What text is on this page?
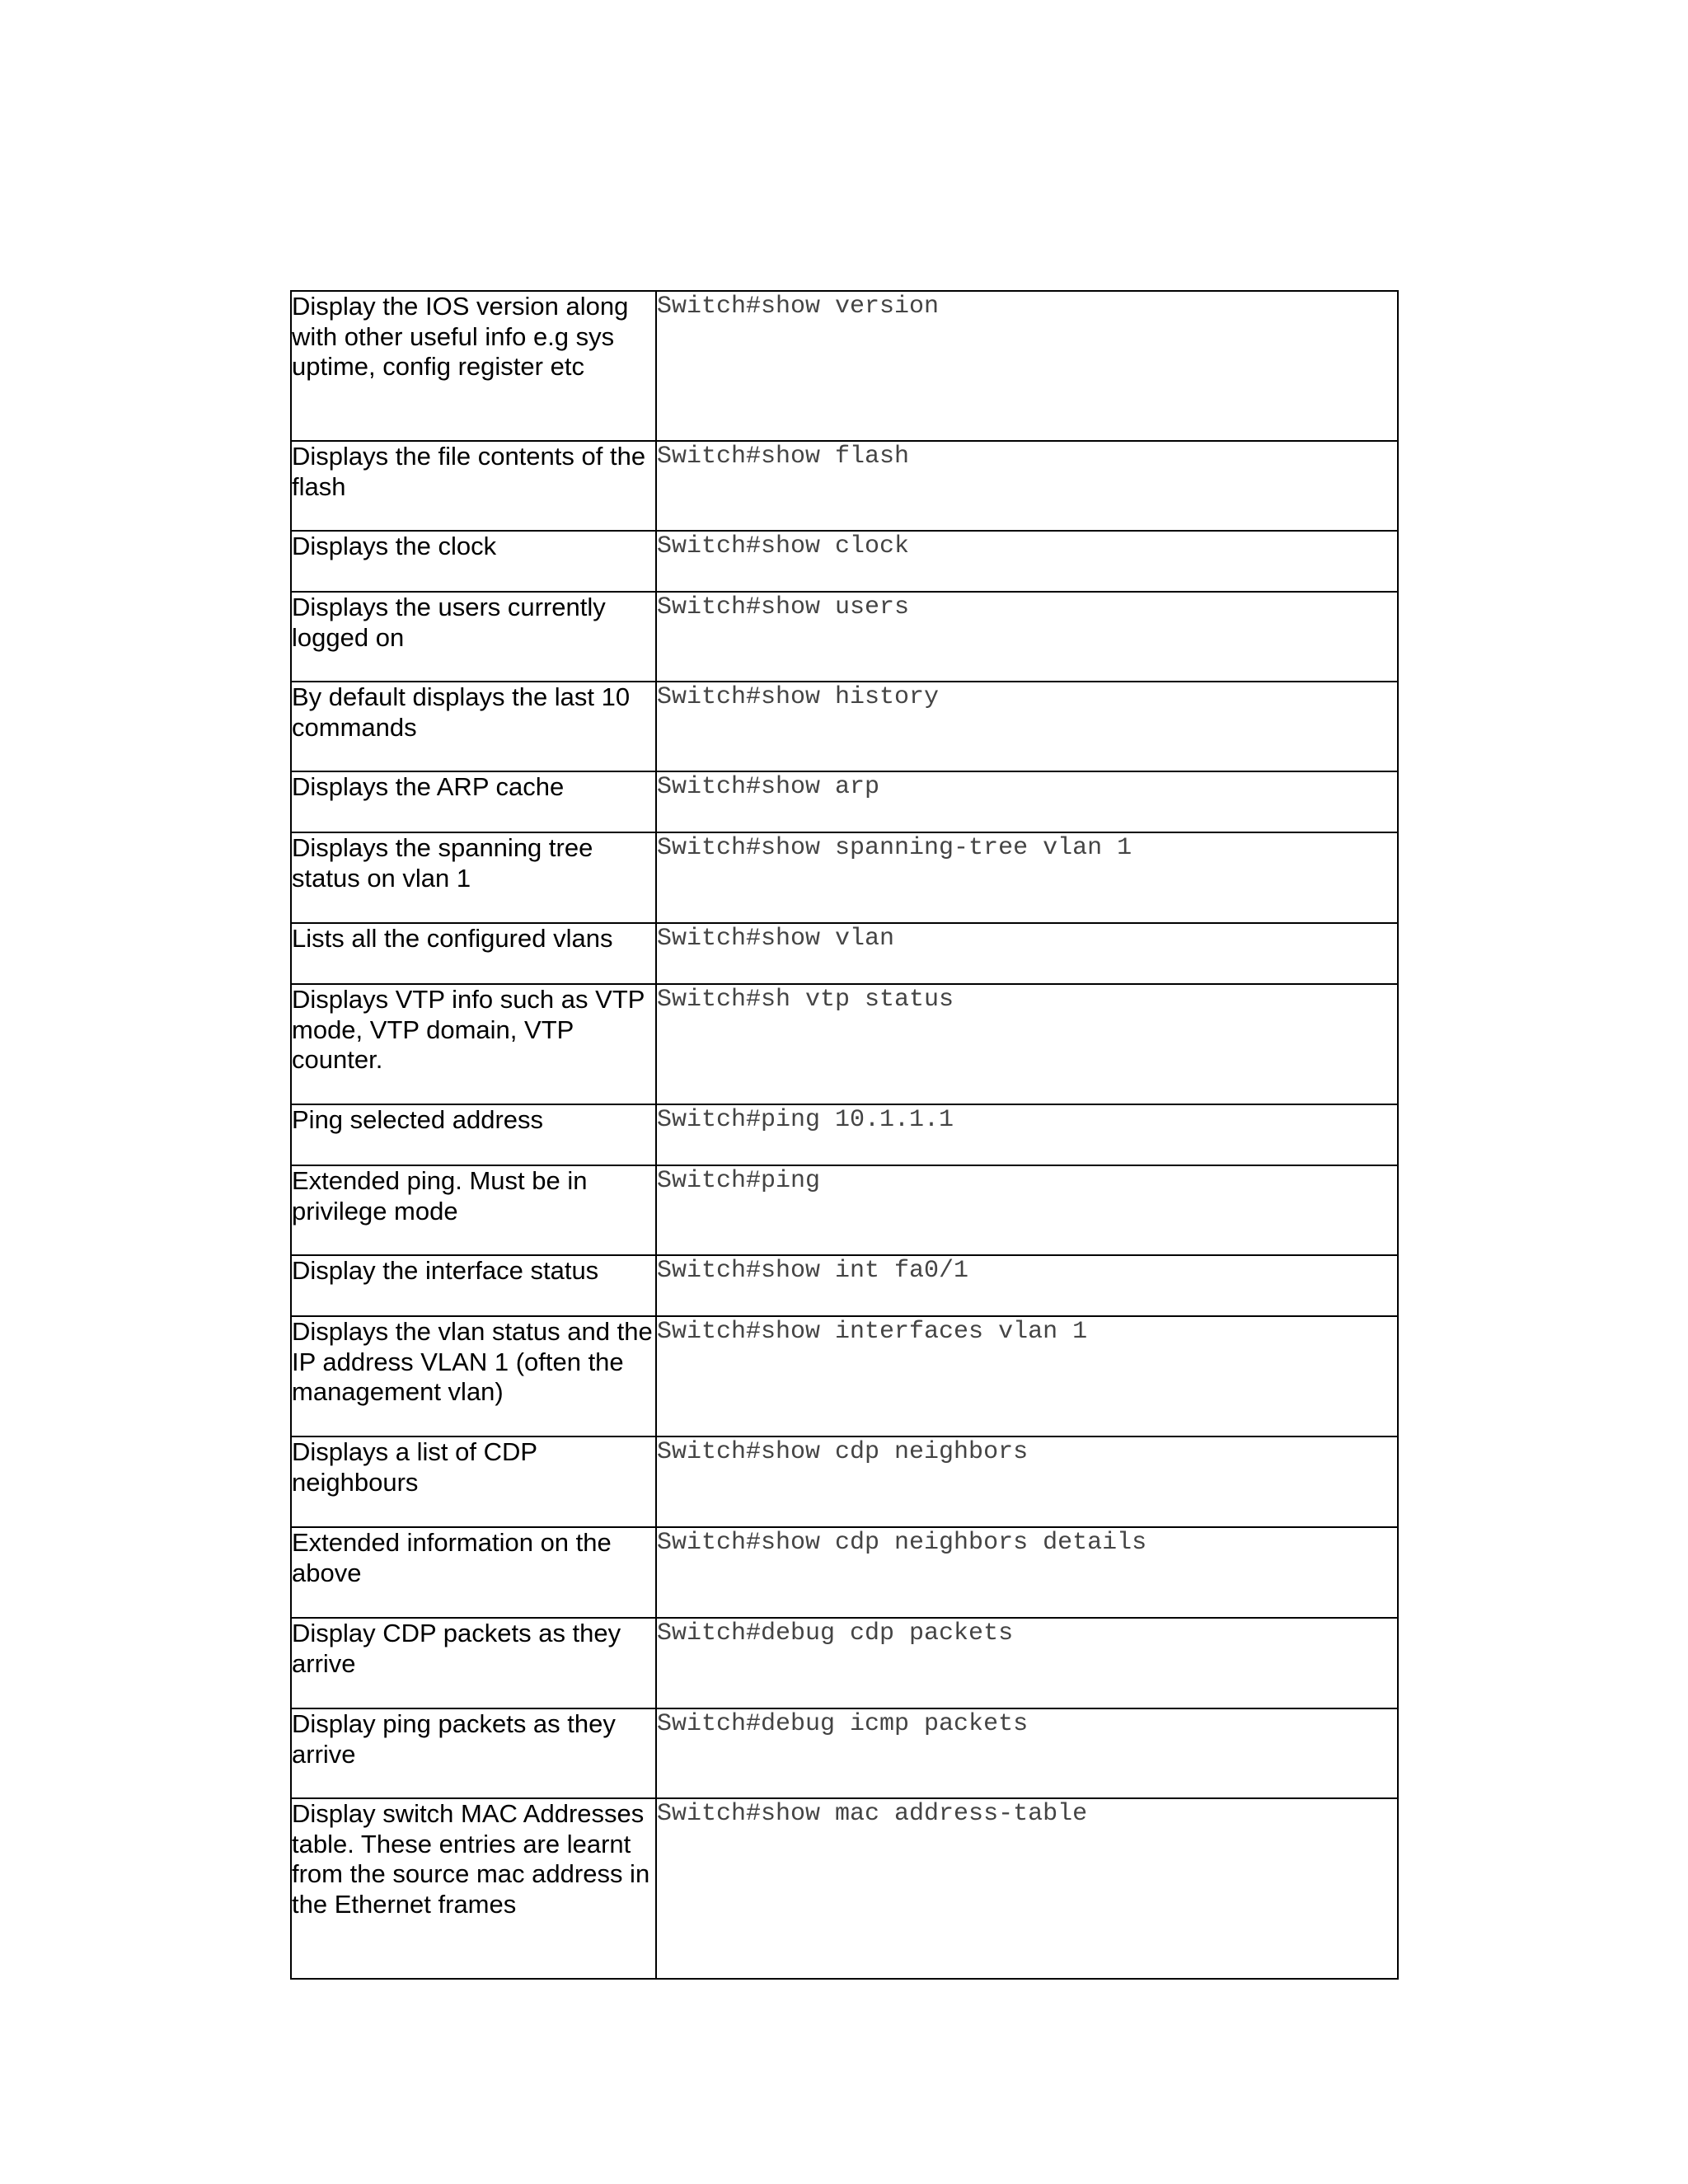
Display the IOS version along with other useful info e.g sys uptime, config register etc	Switch#show version
Displays the file contents of the flash	Switch#show flash
Displays the clock	Switch#show clock
Displays the users currently logged on	Switch#show users
By default displays the last 10 commands	Switch#show history
Displays the ARP cache	Switch#show arp
Displays the spanning tree status on vlan 1	Switch#show spanning-tree vlan 1
Lists all the configured vlans	Switch#show vlan
Displays VTP info such as VTP mode, VTP domain, VTP counter.	Switch#sh vtp status
Ping selected address	Switch#ping 10.1.1.1
Extended ping. Must be in privilege mode	Switch#ping
Display the interface status	Switch#show int fa0/1
Displays the vlan status and the IP address VLAN 1 (often the management vlan)	Switch#show interfaces vlan 1
Displays a list of CDP neighbours	Switch#show cdp neighbors
Extended information on the above	Switch#show cdp neighbors details
Display CDP packets as they arrive	Switch#debug cdp packets
Display ping packets as they arrive	Switch#debug icmp packets
Display switch MAC Addresses table. These entries are learnt from the source mac address in the Ethernet frames	Switch#show mac address-table
